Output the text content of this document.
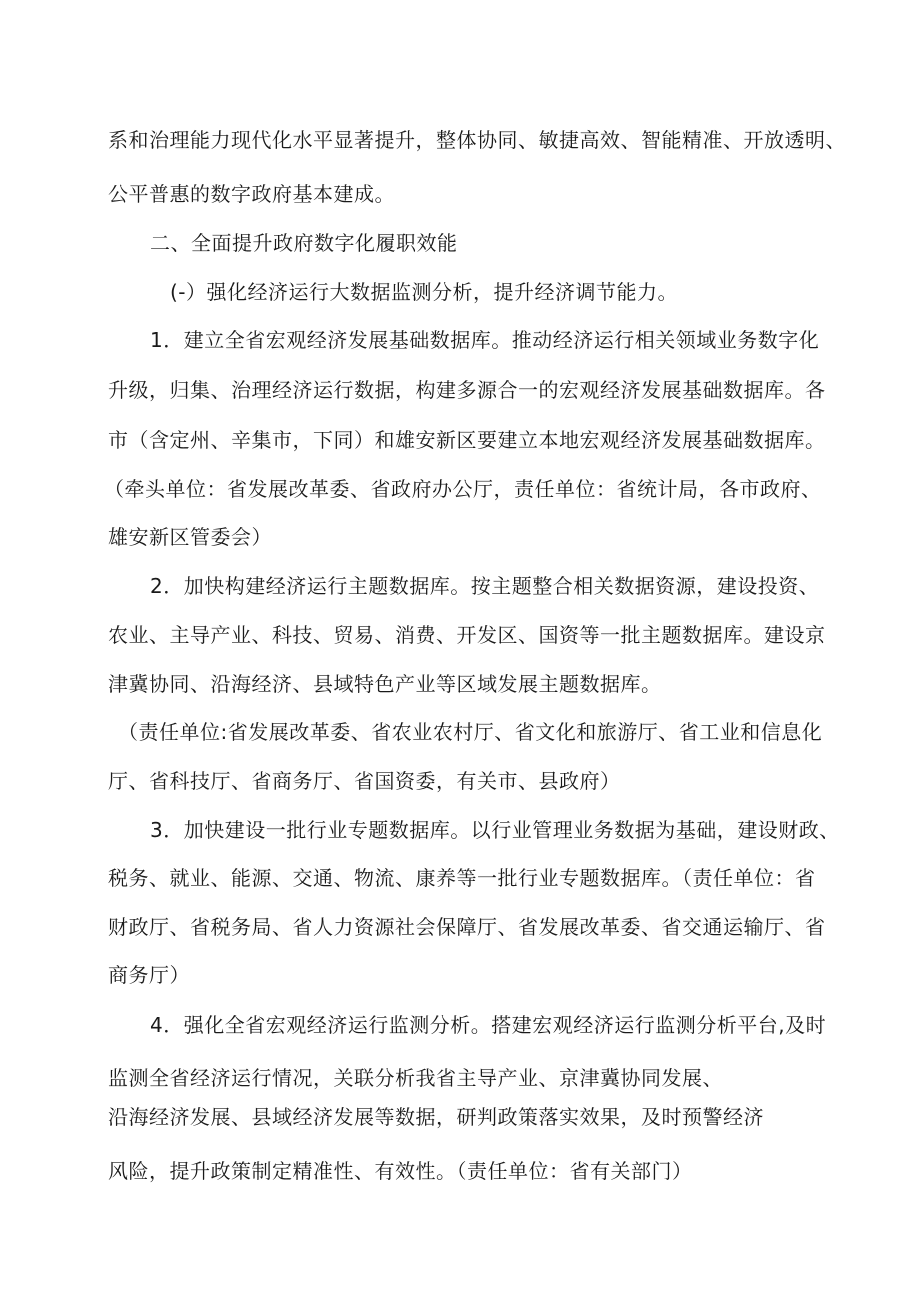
系和治理能力现代化水平显著提升，整体协同、敏捷高效、智能精准、开放透明、

公平普惠的数字政府基本建成。

二、全面提升政府数字化履职效能

(-）强化经济运行大数据监测分析，提升经济调节能力。

1．建立全省宏观经济发展基础数据库。推动经济运行相关领域业务数字化

升级，归集、治理经济运行数据，构建多源合一的宏观经济发展基础数据库。各

市（含定州、辛集市，下同）和雄安新区要建立本地宏观经济发展基础数据库。

（牵头单位：省发展改革委、省政府办公厅，责任单位：省统计局，各市政府、

雄安新区管委会）

2．加快构建经济运行主题数据库。按主题整合相关数据资源，建设投资、

农业、主导产业、科技、贸易、消费、开发区、国资等一批主题数据库。建设京

津冀协同、沿海经济、县域特色产业等区域发展主题数据库。

（责任单位:省发展改革委、省农业农村厅、省文化和旅游厅、省工业和信息化

厅、省科技厅、省商务厅、省国资委，有关市、县政府）

3．加快建设一批行业专题数据库。以行业管理业务数据为基础，建设财政、

税务、就业、能源、交通、物流、康养等一批行业专题数据库。（责任单位：省

财政厅、省税务局、省人力资源社会保障厅、省发展改革委、省交通运输厅、省

商务厅）

4．强化全省宏观经济运行监测分析。搭建宏观经济运行监测分析平台,及时

监测全省经济运行情况，关联分析我省主导产业、京津冀协同发展、

沿海经济发展、县域经济发展等数据，研判政策落实效果，及时预警经济

风险，提升政策制定精准性、有效性。（责任单位：省有关部门）
